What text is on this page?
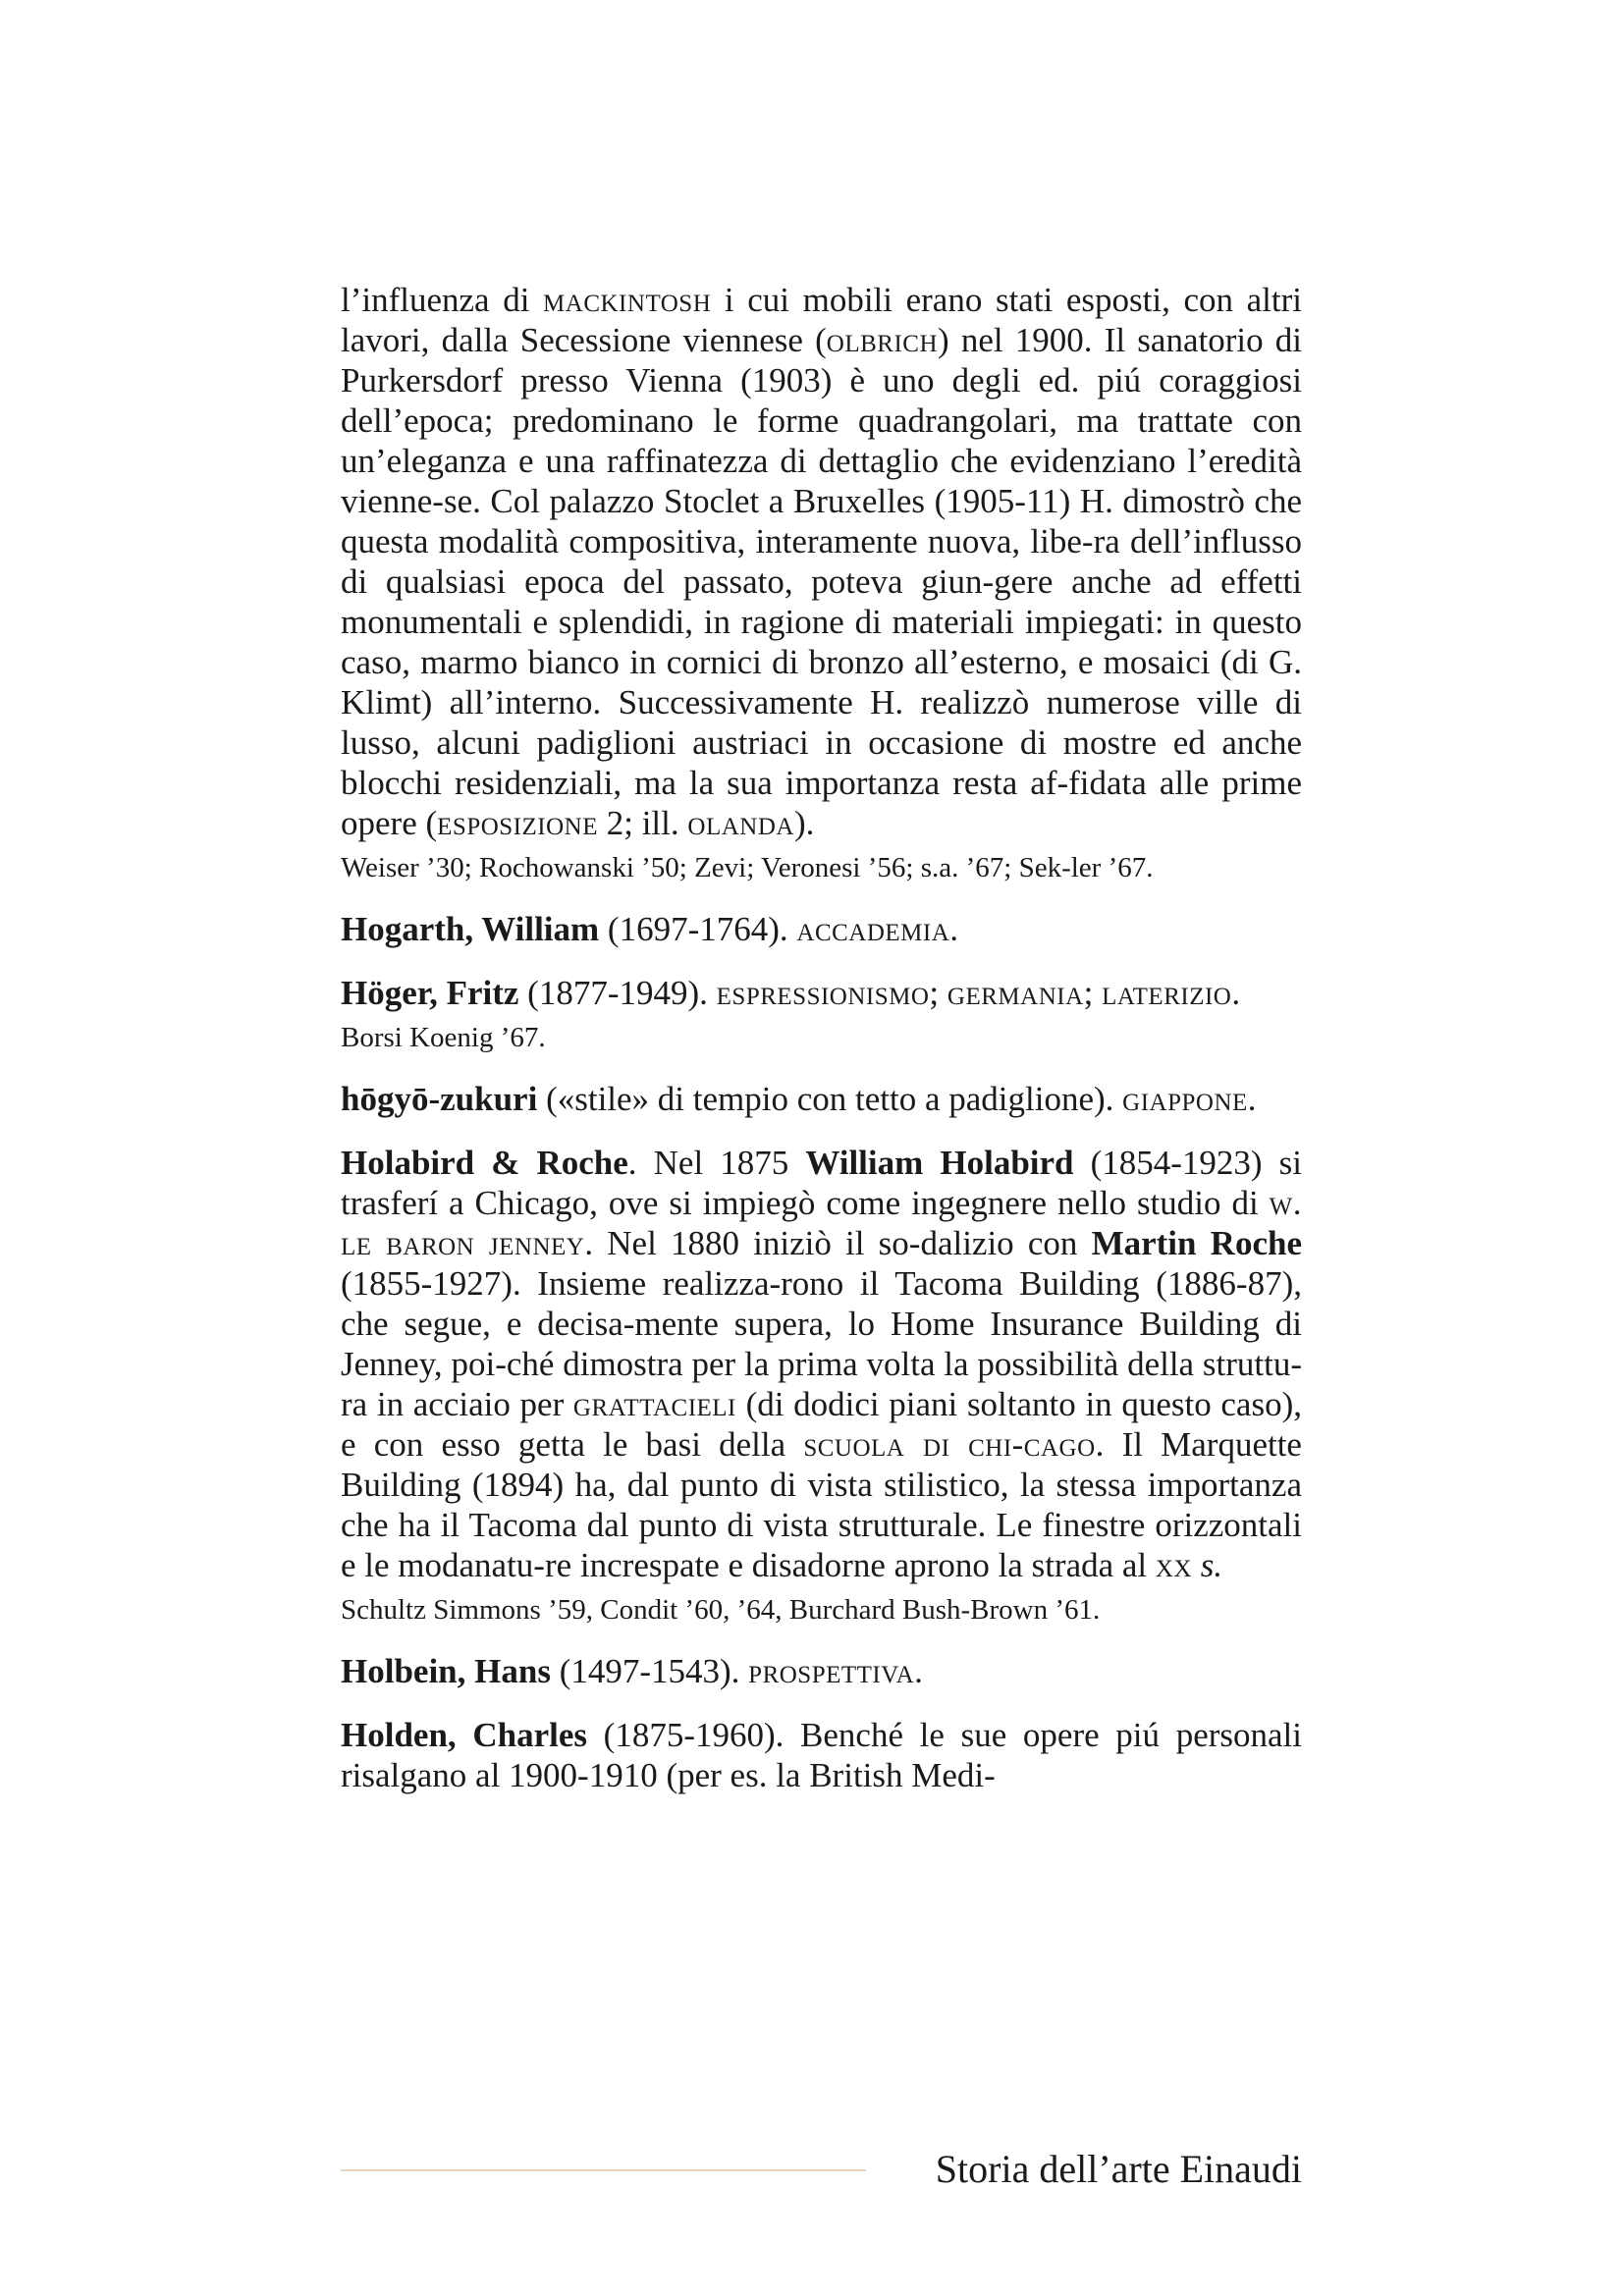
l’influenza di mackintosh i cui mobili erano stati esposti, con altri lavori, dalla Secessione viennese (olbrich) nel 1900. Il sanatorio di Purkersdorf presso Vienna (1903) è uno degli ed. piú coraggiosi dell’epoca; predominano le forme quadrangolari, ma trattate con un’eleganza e una raffinatezza di dettaglio che evidenziano l’eredità vienne-se. Col palazzo Stoclet a Bruxelles (1905-11) H. dimostrò che questa modalità compositiva, interamente nuova, libe-ra dell’influsso di qualsiasi epoca del passato, poteva giun-gere anche ad effetti monumentali e splendidi, in ragione di materiali impiegati: in questo caso, marmo bianco in cornici di bronzo all’esterno, e mosaici (di G. Klimt) all’interno. Successivamente H. realizzò numerose ville di lusso, alcuni padiglioni austriaci in occasione di mostre ed anche blocchi residenziali, ma la sua importanza resta af-fidata alle prime opere (esposizione 2; ill. olanda).

Weiser ’30; Rochowanski ’50; Zevi; Veronesi ’56; s.a. ’67; Sek-ler ’67.

Hogarth, William (1697-1764). accademia.

Höger, Fritz (1877-1949). espressionismo; germania; laterizio.

Borsi Koenig ’67.

hōgyō-zukuri («stile» di tempio con tetto a padiglione). giappone.

Holabird & Roche. Nel 1875 William Holabird (1854-1923) si trasferí a Chicago, ove si impiegò come ingegnere nello studio di w. le baron jenney. Nel 1880 iniziò il so-dalizio con Martin Roche (1855-1927). Insieme realizza-rono il Tacoma Building (1886-87), che segue, e decisa-mente supera, lo Home Insurance Building di Jenney, poi-ché dimostra per la prima volta la possibilità della struttu-ra in acciaio per grattacieli (di dodici piani soltanto in questo caso), e con esso getta le basi della scuola di chi-cago. Il Marquette Building (1894) ha, dal punto di vista stilistico, la stessa importanza che ha il Tacoma dal punto di vista strutturale. Le finestre orizzontali e le modanatu-re increspate e disadorne aprono la strada al xx s.

Schultz Simmons ’59, Condit ’60, ’64, Burchard Bush-Brown ’61.

Holbein, Hans (1497-1543). prospettiva.

Holden, Charles (1875-1960). Benché le sue opere piú personali risalgano al 1900-1910 (per es. la British Medi-

Storia dell’arte Einaudi
